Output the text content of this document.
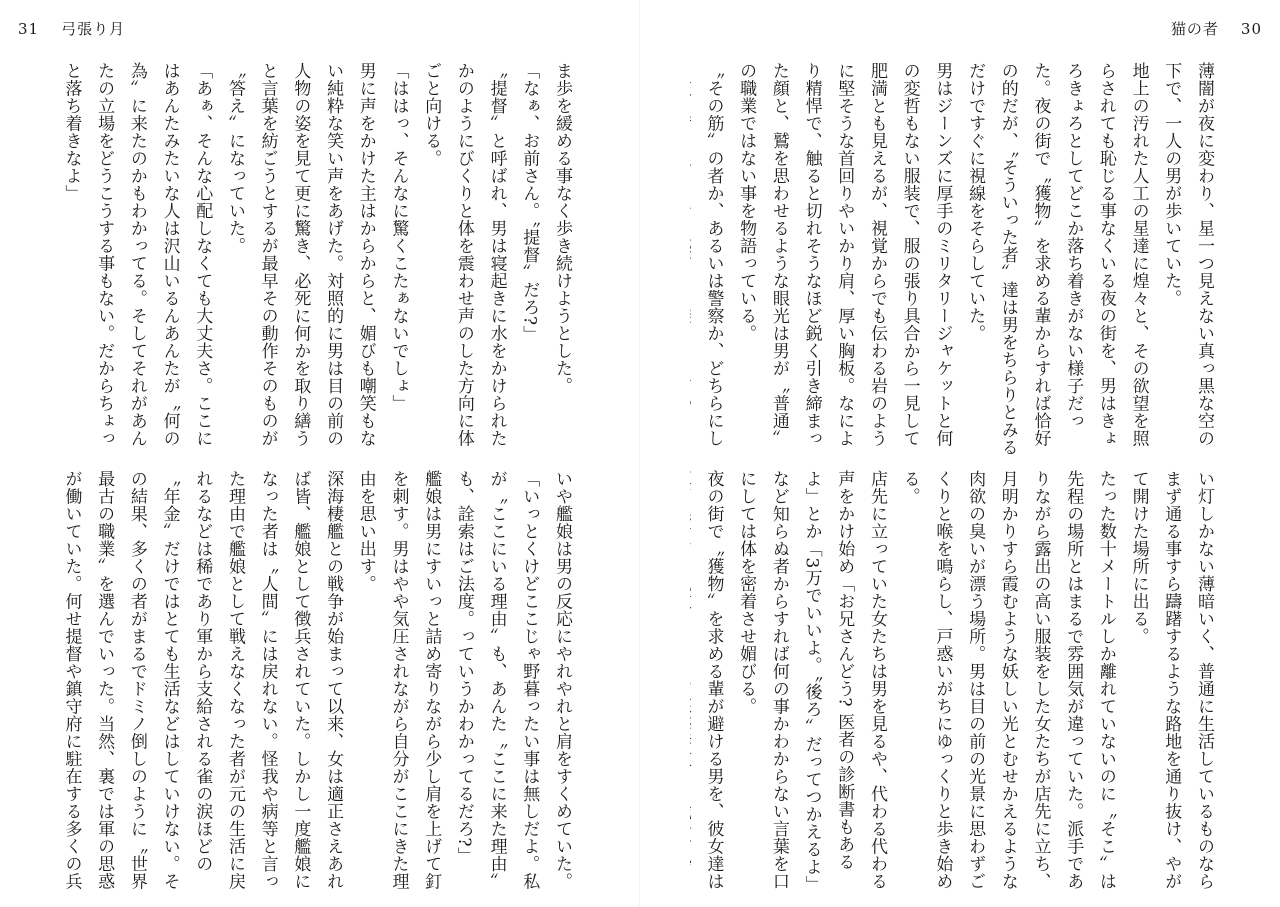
31 弓張り月

ま歩を緩める事なく歩き続けようとした。

「なぁ、お前さん。〝提督〟だろ?」

〝提督〟と呼ばれ、男は寝起きに水をかけられたかのようにびくりと体を震わせ声のした方向に体ごと向ける。

「ははっ、そんなに驚くこたぁないでしょ」

男に声をかけた主はからからと、媚びも嘲笑もない純粋な笑い声をあげた。対照的に男は目の前の人物の姿を見て更に驚き、必死に何かを取り繕うと言葉を紡ごうとするが最早その動作そのものが〝答え〟になっていた。

「あぁ、そんな心配しなくても大丈夫さ。ここにはあんたみたいな人は沢山いるんあんたが〝何の為〟に来たのかもわかってる。そしてそれがあんたの立場をどうこうする事もない。だからちょっと落ち着きなよ」

いや艦娘は男の反応にやれやれと肩をすくめていた。

「いっとくけどここじゃ野暮ったい事は無しだよ。私が〝ここにいる理由〟も、あんた〝ここに来た理由〟も、詮索はご法度。っていうかわかってるだろ?」

艦娘は男にすいっと詰め寄りながら少し肩を上げて釘を刺す。男はやや気圧されながら自分がここにきた理由を思い出す。

深海棲艦との戦争が始まって以来、女は適正さえあれば皆、艦娘として徴兵されていた。しかし一度艦娘になった者は〝人間〟には戻れない。怪我や病等と言った理由で艦娘として戦えなくなった者が元の生活に戻れるなどは稀であり軍から支給される雀の涙ほどの〝年金〟だけではとても生活などはしていけない。その結果、多くの者がまるでドミノ倒しのように〝世界最古の職業〟を選んでいった。当然、裏では軍の思惑が働いていた。何せ提督や鎮守府に駐在する多くの兵

猫の者 30

薄闇が夜に変わり、星一つ見えない真っ黒な空の下で、一人の男が歩いていた。

地上の汚れた人工の星達に煌々と、その欲望を照らされても恥じる事なくいる夜の街を、男はきょろきょろとしてどこか落ち着きがない様子だった。夜の街で〝獲物〟を求める輩からすれば恰好の的だが、〝そういった者〟達は男をちらりとみるだけですぐに視線をそらしていた。

男はジーンズに厚手のミリタリージャケットと何の変哲もない服装で、服の張り具合から一見して肥満とも見えるが、視覚からでも伝わる岩のように堅そうな首回りやいかり肩、厚い胸板。なにより精悍で、触ると切れそうなほど鋭く引き締まった顔と、鷲を思わせるような眼光は男が〝普通〟の職業ではない事を物語っている。

〝その筋〟の者か、あるいは警察か、どちらにし

い灯しかない薄暗いく、普通に生活しているものならまず通る事すら躊躇するような路地を通り抜け、やがて開けた場所に出る。

たった数十メートルしか離れていないのに〝そこ〟は先程の場所とはまるで雰囲気が違っていた。派手でありながら露出の高い服装をした女たちが店先に立ち、月明かりすら霞むような妖しい光とむせかえるような肉欲の臭いが漂う場所。男は目の前の光景に思わずごくりと喉を鳴らし、戸惑いがちにゆっくりと歩き始める。

店先に立っていた女たちは男を見るや、代わる代わる声をかけ始め「お兄さんどう? 医者の診断書もあるよ」とか「3万でいいよ。〝後ろ〟だってつかえるよ」など知らぬ者からすれば何の事かわからない言葉を口にしては体を密着させ媚びる。

夜の街で〝獲物〟を求める輩が避ける男を、彼女達は
